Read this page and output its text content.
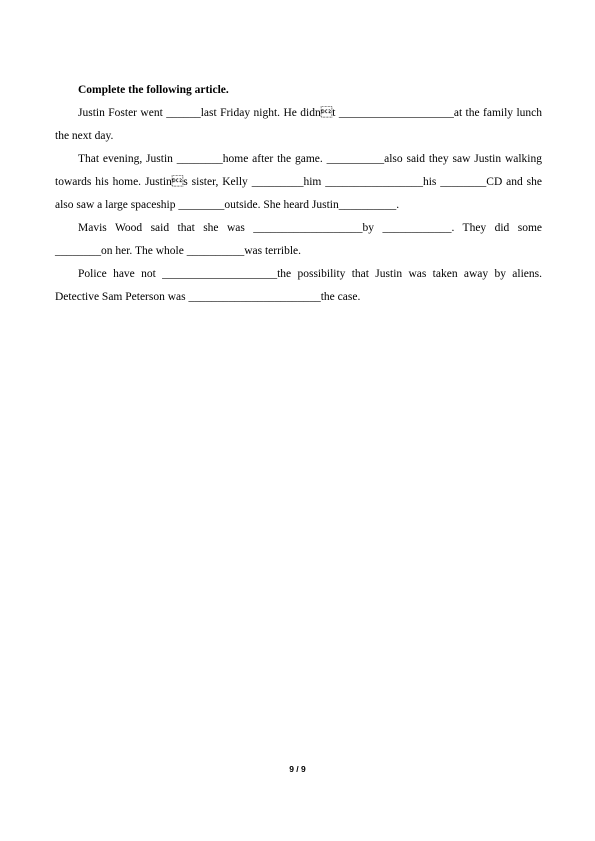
Complete the following article.

Justin Foster went ______last Friday night. He didnt ____________________at the family lunch the next day.

That evening, Justin ________home after the game. __________also said they saw Justin walking towards his home. Justins sister, Kelly _________him _________________his ________CD and she also saw a large spaceship ________outside. She heard Justin__________.

Mavis Wood said that she was ___________________by ____________. They did some ________on her. The whole __________was terrible.

Police have not ____________________the possibility that Justin was taken away by aliens. Detective Sam Peterson was _______________________the case.

9 / 9
